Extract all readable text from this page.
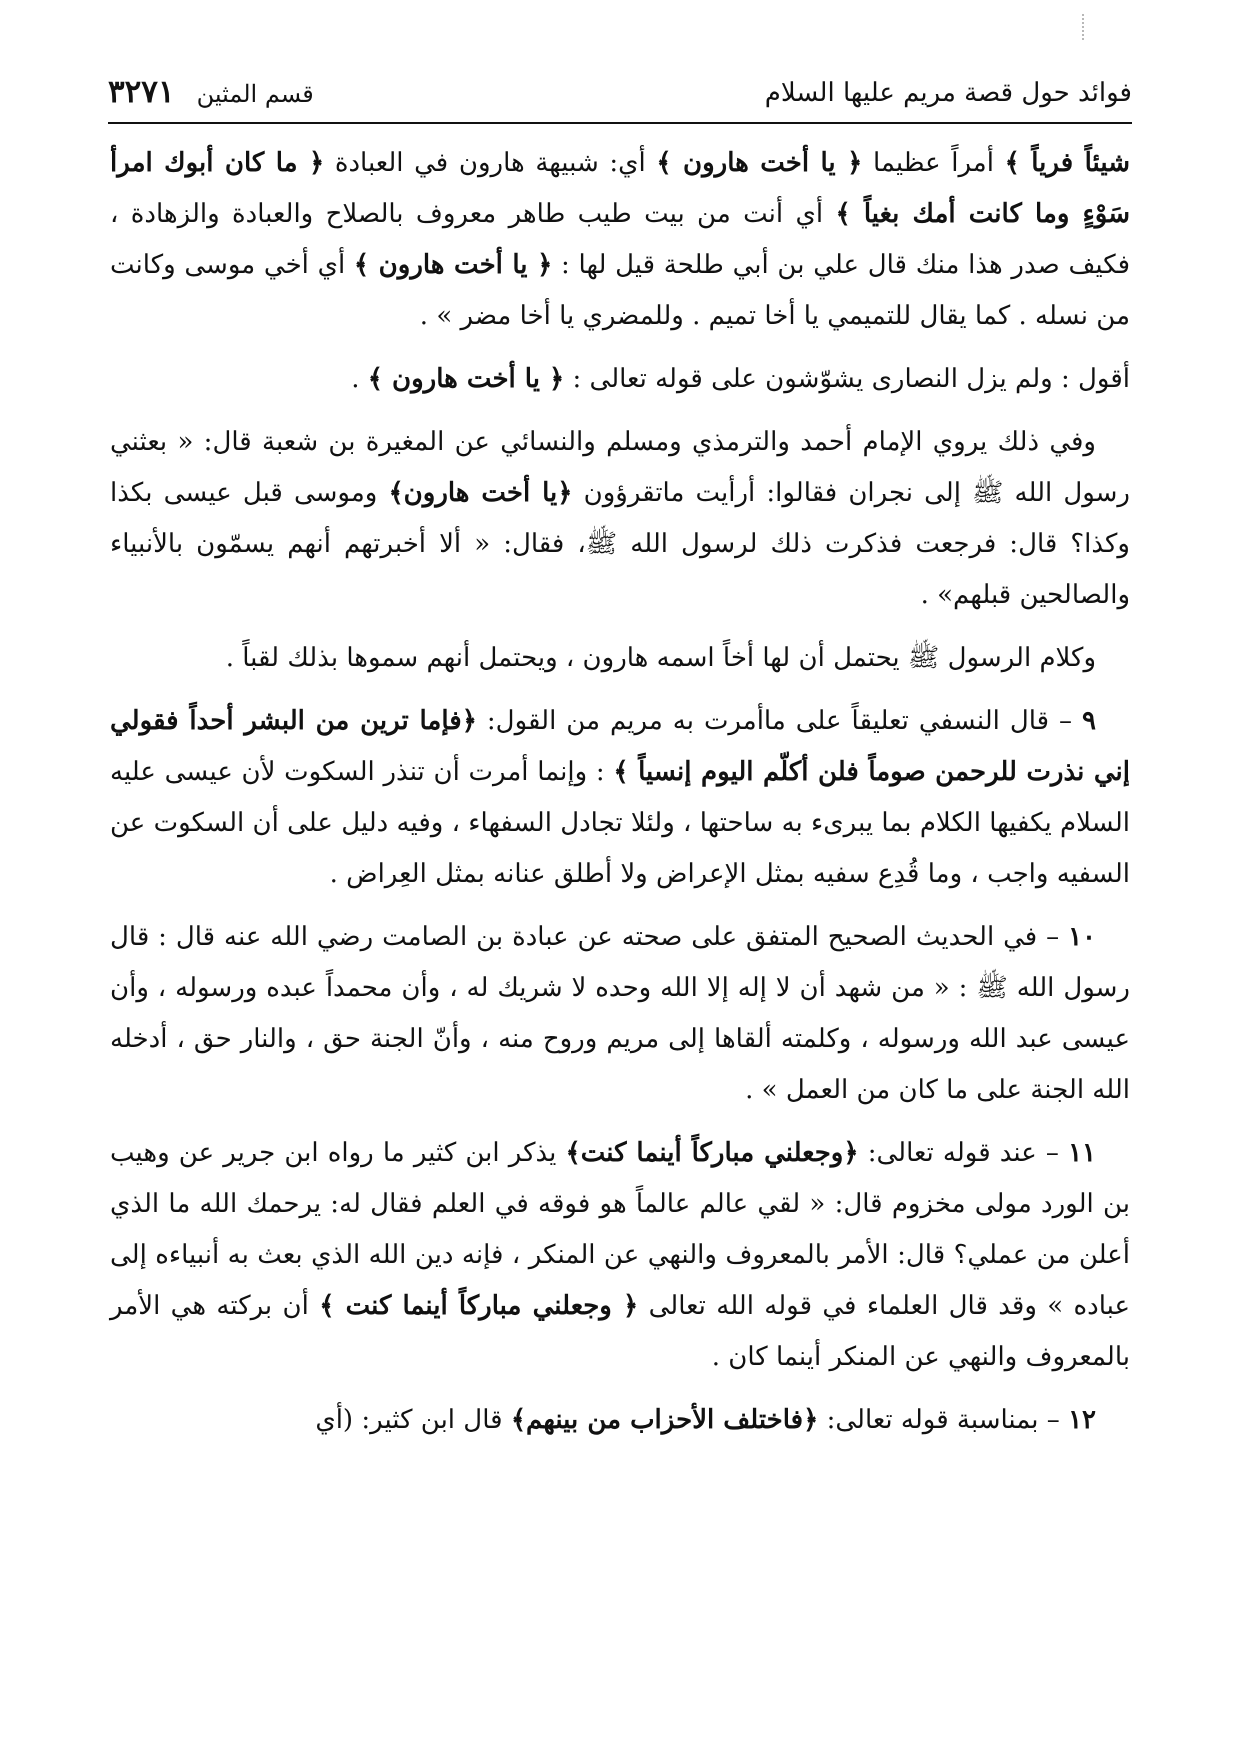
فوائد حول قصة مريم عليها السلام
قسم المثين
٣٢٧١

شيئاً فرياً ﴾ أمراً عظيما ﴿ يا أخت هارون ﴾ أي: شبيهة هارون في العبادة ﴿ ما كان أبوك امرأ سَوْءٍ وما كانت أمك بغياً ﴾ أي أنت من بيت طيب طاهر معروف بالصلاح والعبادة والزهادة ، فكيف صدر هذا منك قال علي بن أبي طلحة قيل لها : ﴿ يا أخت هارون ﴾ أي أخي موسى وكانت من نسله . كما يقال للتميمي يا أخا تميم . وللمضري يا أخا مضر » .

أقول : ولم يزل النصارى يشوّشون على قوله تعالى : ﴿ يا أخت هارون ﴾ .

وفي ذلك يروي الإمام أحمد والترمذي ومسلم والنسائي عن المغيرة بن شعبة قال: « بعثني رسول الله ﷺ إلى نجران فقالوا: أرأيت ماتقرؤون ﴿يا أخت هارون﴾ وموسى قبل عيسى بكذا وكذا؟ قال: فرجعت فذكرت ذلك لرسول الله ﷺ، فقال: « ألا أخبرتهم أنهم يسمّون بالأنبياء والصالحين قبلهم» .

وكلام الرسول ﷺ يحتمل أن لها أخاً اسمه هارون ، ويحتمل أنهم سموها بذلك لقباً .

٩ – قال النسفي تعليقاً على ماأمرت به مريم من القول: ﴿فإما ترين من البشر أحداً فقولي إني نذرت للرحمن صوماً فلن أكلّم اليوم إنسياً ﴾ : وإنما أمرت أن تنذر السكوت لأن عيسى عليه السلام يكفيها الكلام بما يبرىء به ساحتها ، ولئلا تجادل السفهاء ، وفيه دليل على أن السكوت عن السفيه واجب ، وما قُدِع سفيه بمثل الإعراض ولا أطلق عنانه بمثل العِراض .

١٠ – في الحديث الصحيح المتفق على صحته عن عبادة بن الصامت رضي الله عنه قال : قال رسول الله ﷺ : « من شهد أن لا إله إلا الله وحده لا شريك له ، وأن محمداً عبده ورسوله ، وأن عيسى عبد الله ورسوله ، وكلمته ألقاها إلى مريم وروح منه ، وأنّ الجنة حق ، والنار حق ، أدخله الله الجنة على ما كان من العمل » .

١١ – عند قوله تعالى: ﴿وجعلني مباركاً أينما كنت﴾ يذكر ابن كثير ما رواه ابن جرير عن وهيب بن الورد مولى مخزوم قال: « لقي عالم عالماً هو فوقه في العلم فقال له: يرحمك الله ما الذي أعلن من عملي؟ قال: الأمر بالمعروف والنهي عن المنكر ، فإنه دين الله الذي بعث به أنبياءه إلى عباده » وقد قال العلماء في قوله الله تعالى ﴿ وجعلني مباركاً أينما كنت ﴾ أن بركته هي الأمر بالمعروف والنهي عن المنكر أينما كان .

١٢ – بمناسبة قوله تعالى: ﴿فاختلف الأحزاب من بينهم﴾ قال ابن كثير: (أي
